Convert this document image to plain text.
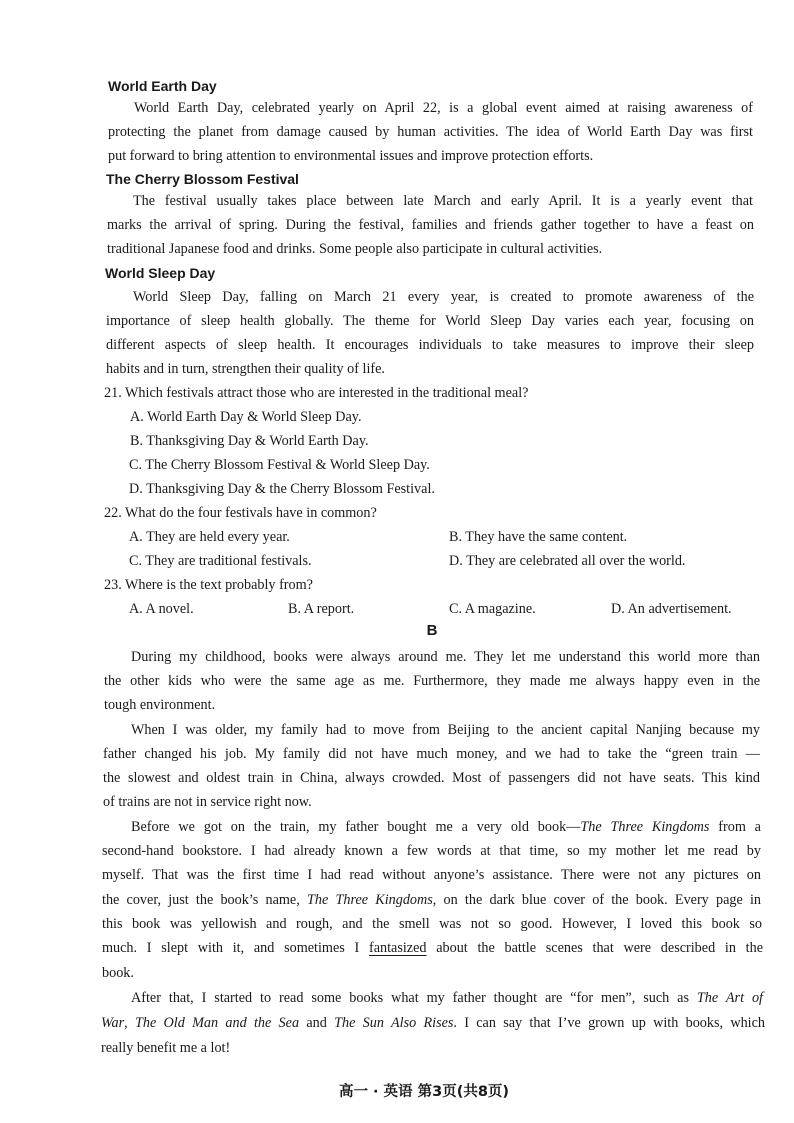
World Earth Day
World Earth Day, celebrated yearly on April 22, is a global event aimed at raising awareness of
protecting the planet from damage caused by human activities. The idea of World Earth Day was first
put forward to bring attention to environmental issues and improve protection efforts.
The Cherry Blossom Festival
The festival usually takes place between late March and early April. It is a yearly event that
marks the arrival of spring. During the festival, families and friends gather together to have a feast on
traditional Japanese food and drinks. Some people also participate in cultural activities.
World Sleep Day
World Sleep Day, falling on March 21 every year, is created to promote awareness of the
importance of sleep health globally. The theme for World Sleep Day varies each year, focusing on
different aspects of sleep health. It encourages individuals to take measures to improve their sleep
habits and in turn, strengthen their quality of life.
21. Which festivals attract those who are interested in the traditional meal?
A. World Earth Day & World Sleep Day.
B. Thanksgiving Day & World Earth Day.
C. The Cherry Blossom Festival & World Sleep Day.
D. Thanksgiving Day & the Cherry Blossom Festival.
22. What do the four festivals have in common?
A. They are held every year.	B. They have the same content.
C. They are traditional festivals.	D. They are celebrated all over the world.
23. Where is the text probably from?
A. A novel.	B. A report.	C. A magazine.	D. An advertisement.
B
During my childhood, books were always around me. They let me understand this world more than
the other kids who were the same age as me. Furthermore, they made me always happy even in the
tough environment.
When I was older, my family had to move from Beijing to the ancient capital Nanjing because my
father changed his job. My family did not have much money, and we had to take the “green train —
the slowest and oldest train in China, always crowded. Most of passengers did not have seats. This kind
of trains are not in service right now.
Before we got on the train, my father bought me a very old book—The Three Kingdoms from a
second-hand bookstore. I had already known a few words at that time, so my mother let me read by
myself. That was the first time I had read without anyone’s assistance. There were not any pictures on
the cover, just the book’s name, The Three Kingdoms, on the dark blue cover of the book. Every page in
this book was yellowish and rough, and the smell was not so good. However, I loved this book so
much. I slept with it, and sometimes I fantasized about the battle scenes that were described in the
book.
After that, I started to read some books what my father thought are “for men”, such as The Art of
War, The Old Man and the Sea and The Sun Also Rises. I can say that I’ve grown up with books, which
really benefit me a lot!
高一 · 英语 第3页(共8页)
